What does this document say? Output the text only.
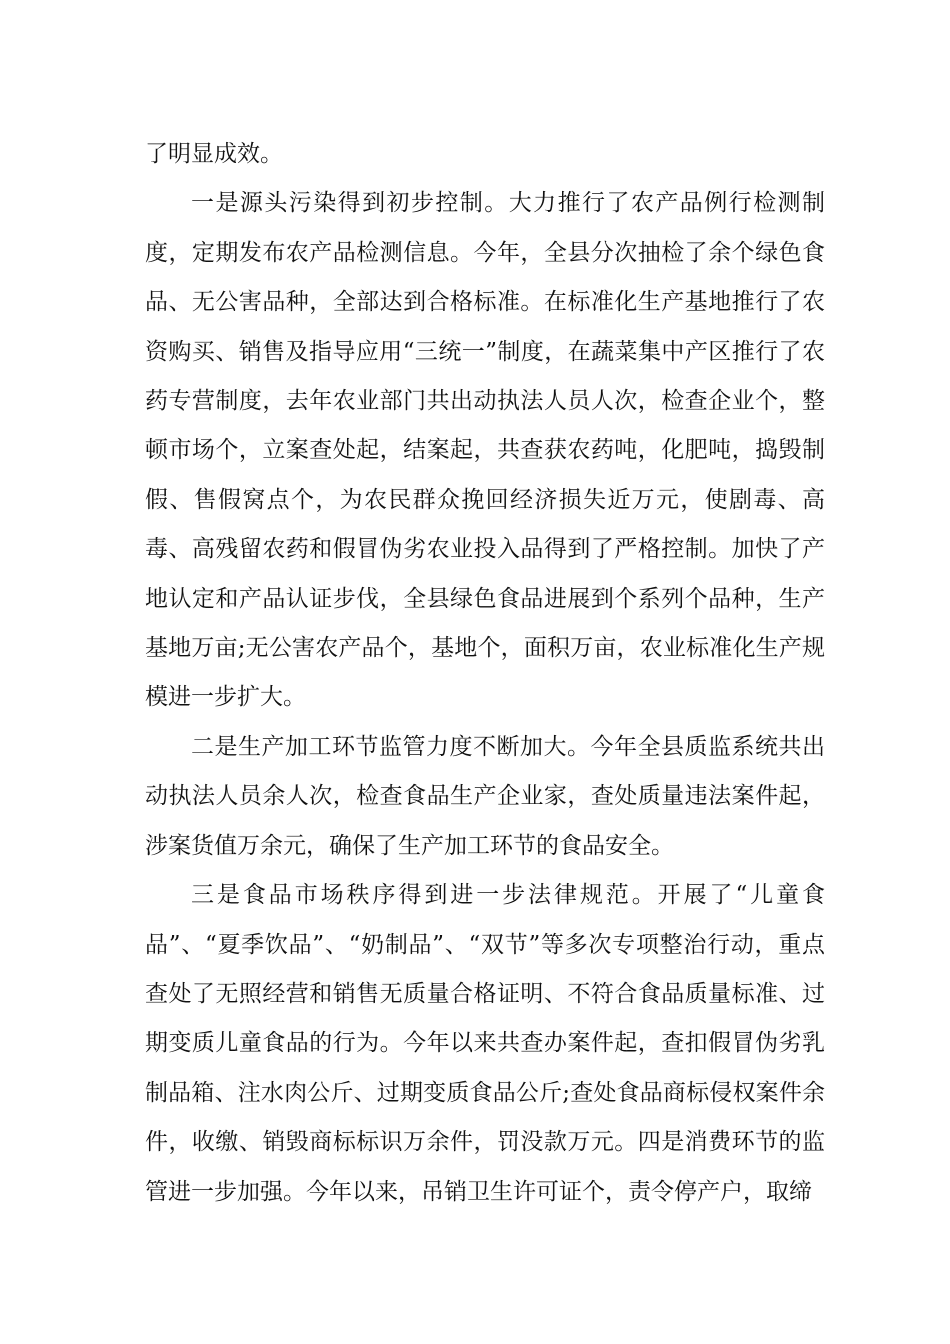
了明显成效。

一是源头污染得到初步控制。大力推行了农产品例行检测制度，定期发布农产品检测信息。今年，全县分次抽检了余个绿色食品、无公害品种，全部达到合格标准。在标准化生产基地推行了农资购买、销售及指导应用“三统一”制度，在蔬菜集中产区推行了农药专营制度，去年农业部门共出动执法人员人次，检查企业个，整顿市场个，立案查处起，结案起，共查获农药吨，化肥吨，捣毁制假、售假窝点个，为农民群众挽回经济损失近万元，使剧毒、高毒、高残留农药和假冒伪劣农业投入品得到了严格控制。加快了产地认定和产品认证步伐，全县绿色食品进展到个系列个品种，生产基地万亩;无公害农产品个，基地个，面积万亩，农业标准化生产规模进一步扩大。

二是生产加工环节监管力度不断加大。今年全县质监系统共出动执法人员余人次，检查食品生产企业家，查处质量违法案件起，涉案货值万余元，确保了生产加工环节的食品安全。

三是食品市场秩序得到进一步法律规范。开展了“儿童食品”、“夏季饮品”、“奶制品”、“双节”等多次专项整治行动，重点查处了无照经营和销售无质量合格证明、不符合食品质量标准、过期变质儿童食品的行为。今年以来共查办案件起，查扣假冒伪劣乳制品箱、注水肉公斤、过期变质食品公斤;查处食品商标侵权案件余件，收缴、销毁商标标识万余件，罚没款万元。四是消费环节的监管进一步加强。今年以来，吊销卫生许可证个，责令停产户，取缔
